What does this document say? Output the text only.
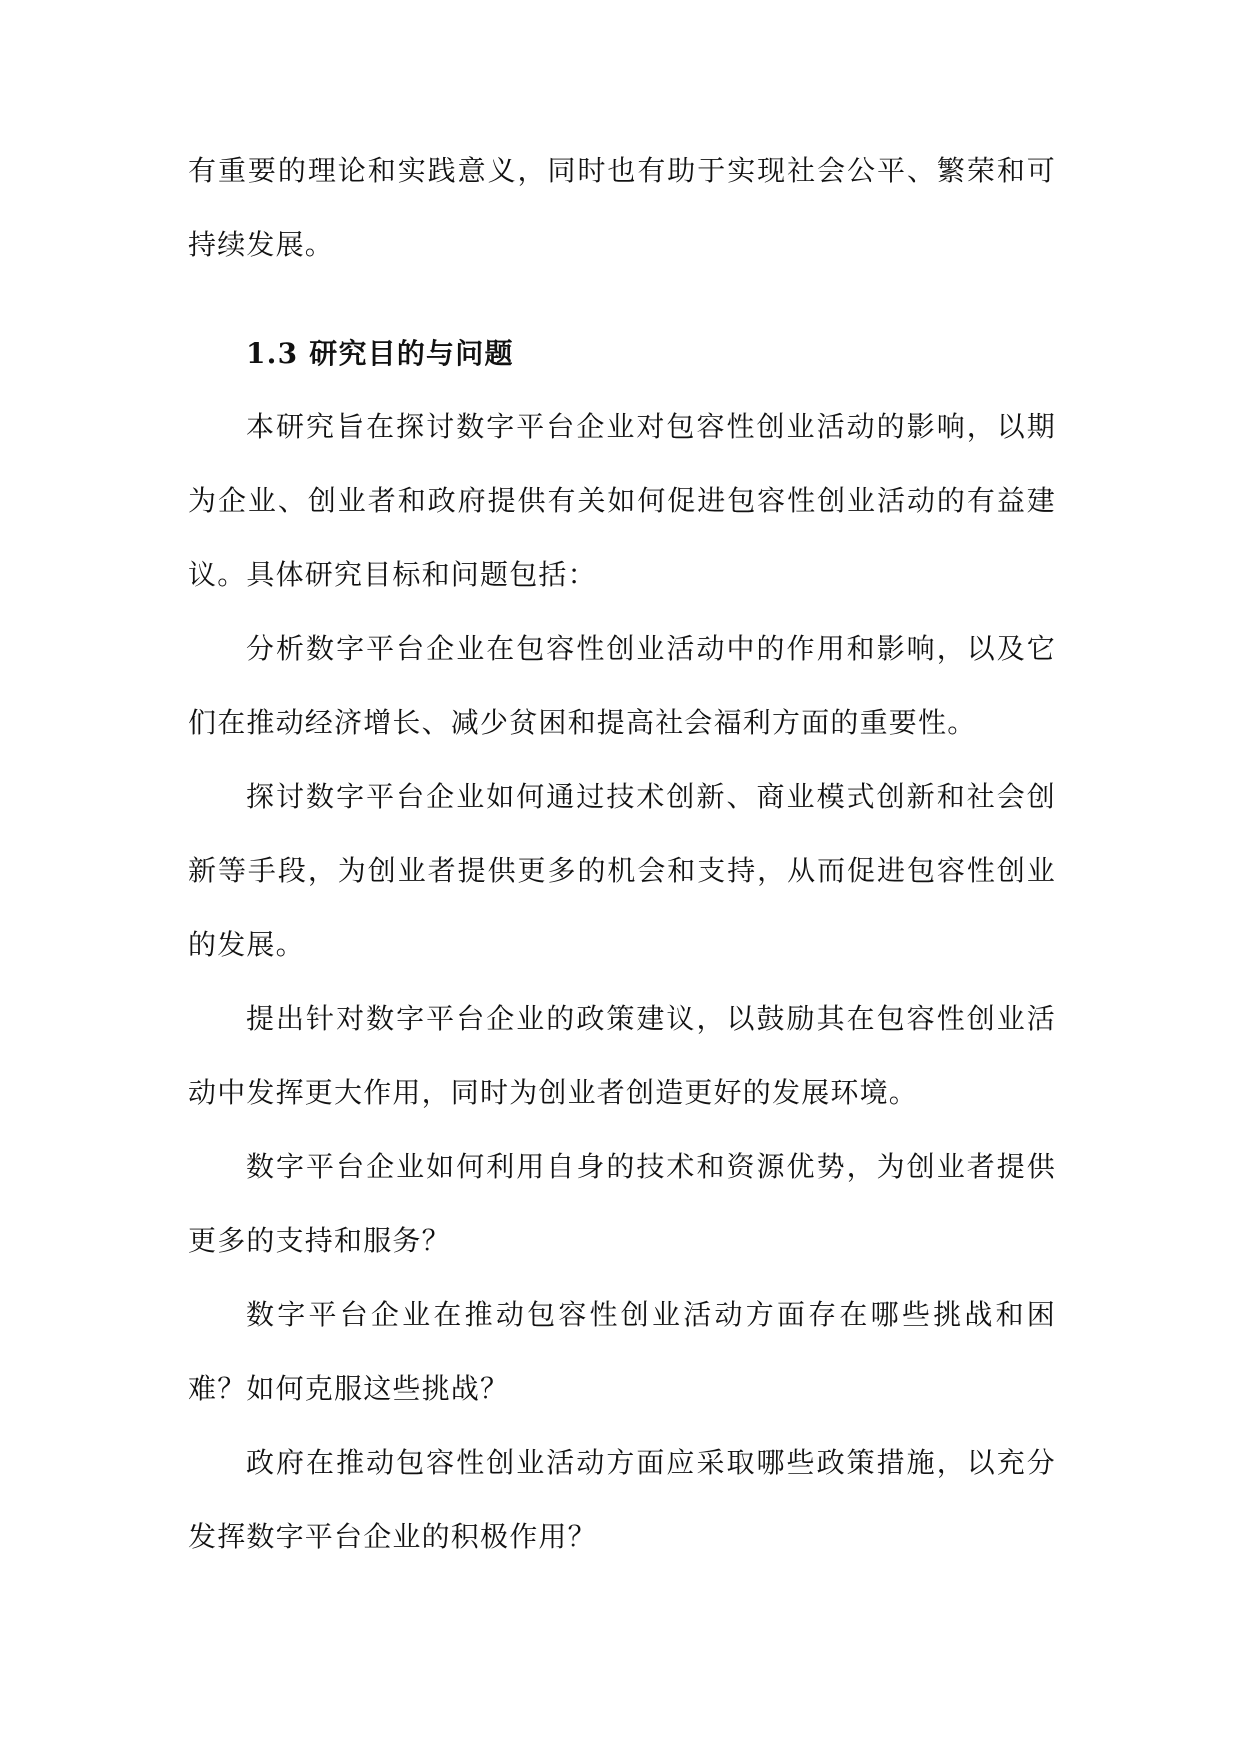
有重要的理论和实践意义，同时也有助于实现社会公平、繁荣和可持续发展。

1.3 研究目的与问题

本研究旨在探讨数字平台企业对包容性创业活动的影响，以期为企业、创业者和政府提供有关如何促进包容性创业活动的有益建议。具体研究目标和问题包括：

分析数字平台企业在包容性创业活动中的作用和影响，以及它们在推动经济增长、减少贫困和提高社会福利方面的重要性。

探讨数字平台企业如何通过技术创新、商业模式创新和社会创新等手段，为创业者提供更多的机会和支持，从而促进包容性创业的发展。

提出针对数字平台企业的政策建议，以鼓励其在包容性创业活动中发挥更大作用，同时为创业者创造更好的发展环境。

数字平台企业如何利用自身的技术和资源优势，为创业者提供更多的支持和服务？

数字平台企业在推动包容性创业活动方面存在哪些挑战和困难？如何克服这些挑战？

政府在推动包容性创业活动方面应采取哪些政策措施，以充分发挥数字平台企业的积极作用？
